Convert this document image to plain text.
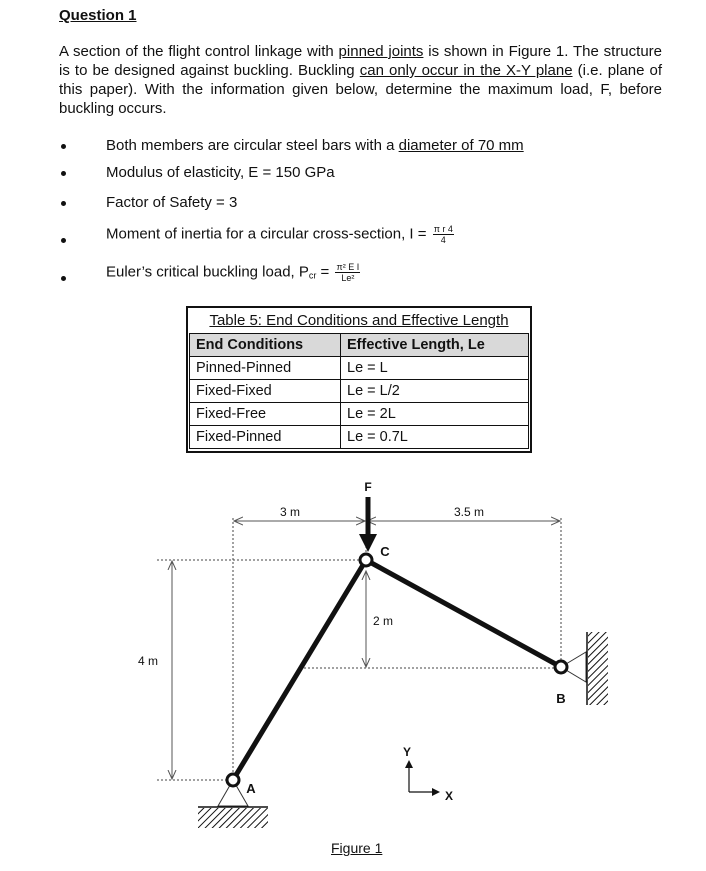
Question 1
A section of the flight control linkage with pinned joints is shown in Figure 1. The structure is to be designed against buckling. Buckling can only occur in the X-Y plane (i.e. plane of this paper). With the information given below, determine the maximum load, F, before buckling occurs.
Both members are circular steel bars with a diameter of 70 mm
Modulus of elasticity, E = 150 GPa
Factor of Safety = 3
Moment of inertia for a circular cross-section, $I = \frac{\text{π r 4}}{4}$
Euler’s critical buckling load, $P_{cr} = \frac{\text{π² E I}}{\text{Le²}}$
Table 5: End Conditions and Effective Length
End Conditions	Effective Length, Le
Pinned-Pinned	Le = L
Fixed-Fixed	Le = L/2
Fixed-Free	Le = 2L
Fixed-Pinned	Le = 0.7L
3 m	3.5 m
4 m
2 m
F
A
C
B
Y
X
Figure 1
